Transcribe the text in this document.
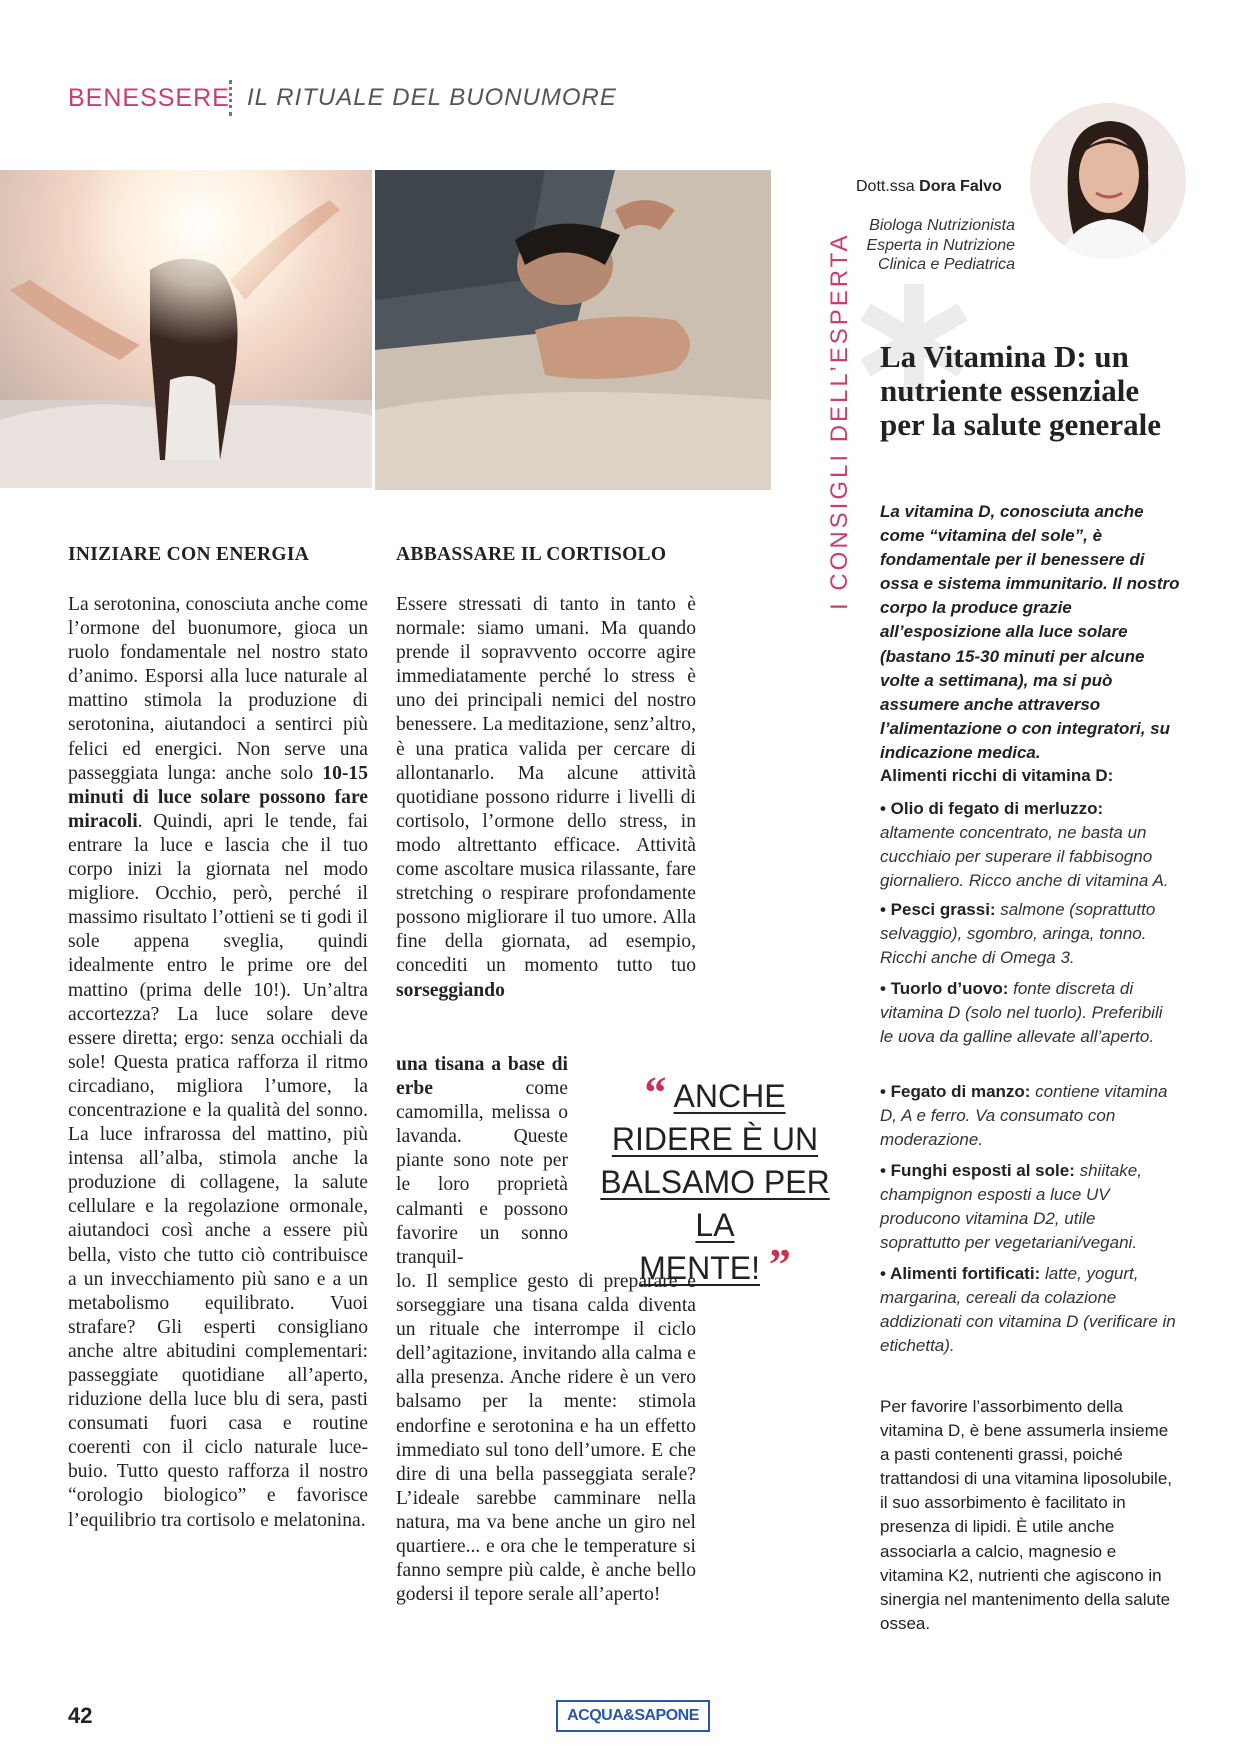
BENESSERE IL RITUALE DEL BUONUMORE
INIZIARE CON ENERGIA

La serotonina, conosciuta anche come l’ormone del buonumore, gioca un ruolo fondamentale nel nostro stato d’animo. Esporsi alla luce naturale al mattino stimola la produzione di serotonina, aiutandoci a sentirci più felici ed energici. Non serve una passeggiata lunga: anche solo 10-15 minuti di luce solare possono fare miracoli. Quindi, apri le tende, fai entrare la luce e lascia che il tuo corpo inizi la giornata nel modo migliore. Occhio, però, perché il massimo risultato l’ottieni se ti godi il sole appena sveglia, quindi idealmente entro le prime ore del mattino (prima delle 10!). Un’altra accortezza? La luce solare deve essere diretta; ergo: senza occhiali da sole! Questa pratica rafforza il ritmo circadiano, migliora l’umore, la concentrazione e la qualità del sonno. La luce infrarossa del mattino, più intensa all’alba, stimola anche la produzione di collagene, la salute cellulare e la regolazione ormonale, aiutandoci così anche a essere più bella, visto che tutto ciò contribuisce a un invecchiamento più sano e a un metabolismo equilibrato. Vuoi strafare? Gli esperti consigliano anche altre abitudini complementari: passeggiate quotidiane all’aperto, riduzione della luce blu di sera, pasti consumati fuori casa e routine coerenti con il ciclo naturale luce-buio. Tutto questo rafforza il nostro “orologio biologico” e favorisce l’equilibrio tra cortisolo e melatonina.

ABBASSARE IL CORTISOLO

Essere stressati di tanto in tanto è normale: siamo umani. Ma quando prende il sopravvento occorre agire immediatamente perché lo stress è uno dei principali nemici del nostro benessere. La meditazione, senz’altro, è una pratica valida per cercare di allontanarlo. Ma alcune attività quotidiane possono ridurre i livelli di cortisolo, l’ormone dello stress, in modo altrettanto efficace. Attività come ascoltare musica rilassante, fare stretching o respirare profondamente possono migliorare il tuo umore. Alla fine della giornata, ad esempio, concediti un momento tutto tuo sorseggiando

una tisana a base di erbe come camomilla, melissa o lavanda. Queste piante sono note per le loro proprietà calmanti e possono favorire un sonno tranquil-

lo. Il semplice gesto di preparare e sorseggiare una tisana calda diventa un rituale che interrompe il ciclo dell’agitazione, invitando alla calma e alla presenza. Anche ridere è un vero balsamo per la mente: stimola endorfine e serotonina e ha un effetto immediato sul tono dell’umore. E che dire di una bella passeggiata serale? L’ideale sarebbe camminare nella natura, ma va bene anche un giro nel quartiere... e ora che le temperature si fanno sempre più calde, è anche bello godersi il tepore serale all’aperto!

“ ANCHE
RIDERE È UN
BALSAMO PER LA
MENTE! ”
Dott.ssa Dora Falvo
Biologa Nutrizionista
Esperta in Nutrizione
Clinica e Pediatrica
I CONSIGLI DELL’ESPERTA La Vitamina D: un nutriente essenziale per la salute generale
La vitamina D, conosciuta anche come “vitamina del sole”, è fondamentale per il benessere di ossa e sistema immunitario. Il nostro corpo la produce grazie all’esposizione alla luce solare (bastano 15-30 minuti per alcune volte a settimana), ma si può assumere anche attraverso l’alimentazione o con integratori, su indicazione medica.
Alimenti ricchi di vitamina D:
• Olio di fegato di merluzzo: altamente concentrato, ne basta un cucchiaio per superare il fabbisogno giornaliero. Ricco anche di vitamina A.
• Pesci grassi: salmone (soprattutto selvaggio), sgombro, aringa, tonno. Ricchi anche di Omega 3.
• Tuorlo d’uovo: fonte discreta di vitamina D (solo nel tuorlo). Preferibili le uova da galline allevate all’aperto.
• Fegato di manzo: contiene vitamina D, A e ferro. Va consumato con moderazione.
• Funghi esposti al sole: shiitake, champignon esposti a luce UV producono vitamina D2, utile soprattutto per vegetariani/vegani.
• Alimenti fortificati: latte, yogurt, margarina, cereali da colazione addizionati con vitamina D (verificare in etichetta).
Per favorire l’assorbimento della vitamina D, è bene assumerla insieme a pasti contenenti grassi, poiché trattandosi di una vitamina liposolubile, il suo assorbimento è facilitato in presenza di lipidi. È utile anche associarla a calcio, magnesio e vitamina K2, nutrienti che agiscono in sinergia nel mantenimento della salute ossea.
42	ACQUA&SAPONE
